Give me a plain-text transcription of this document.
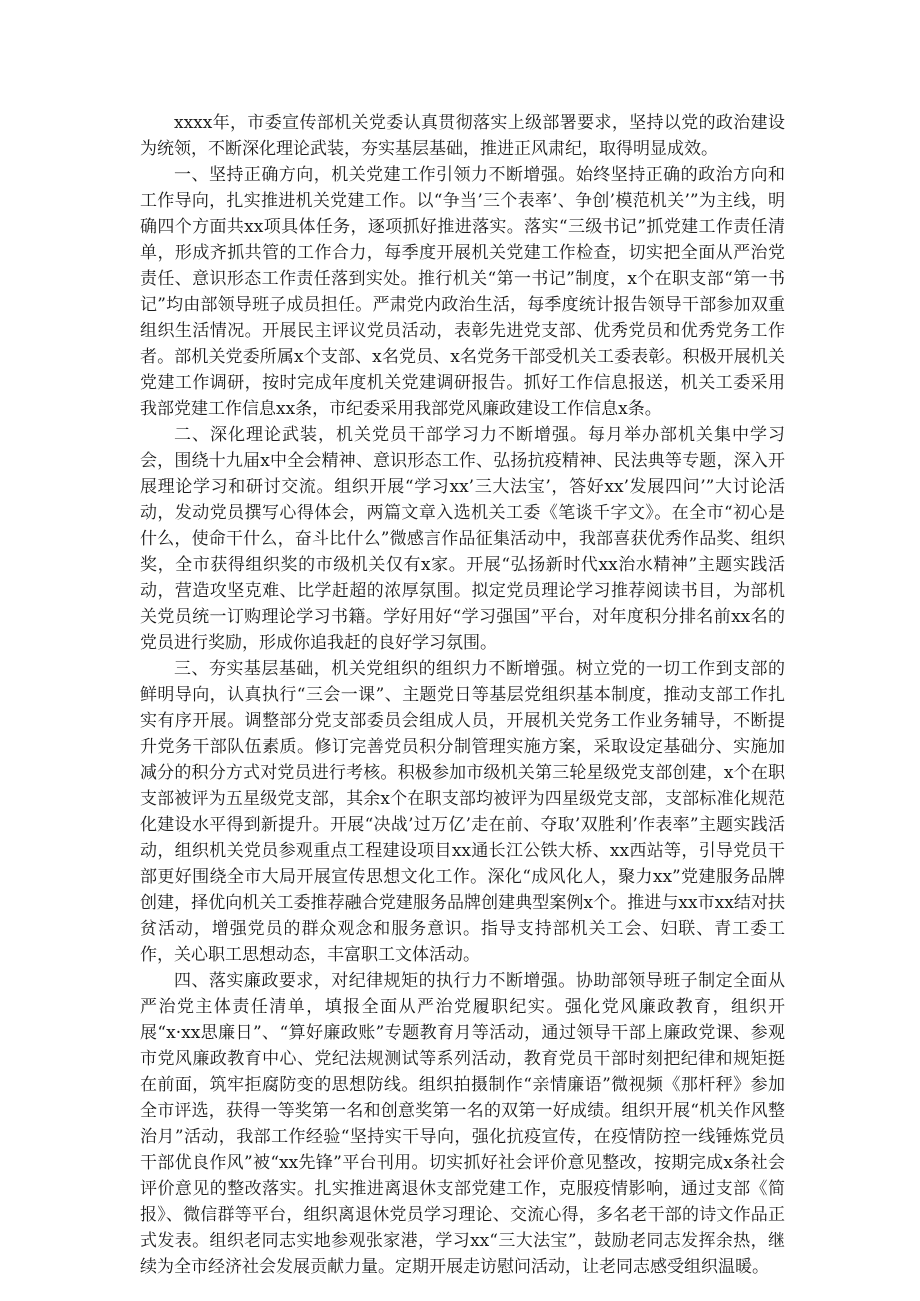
xxxx年，市委宣传部机关党委认真贯彻落实上级部署要求，坚持以党的政治建设为统领，不断深化理论武装，夯实基层基础，推进正风肃纪，取得明显成效。

一、坚持正确方向，机关党建工作引领力不断增强。始终坚持正确的政治方向和工作导向，扎实推进机关党建工作。以“争当’三个表率’、争创’模范机关’”为主线，明确四个方面共xx项具体任务，逐项抓好推进落实。落实“三级书记”抓党建工作责任清单，形成齐抓共管的工作合力，每季度开展机关党建工作检查，切实把全面从严治党责任、意识形态工作责任落到实处。推行机关“第一书记”制度，x个在职支部“第一书记”均由部领导班子成员担任。严肃党内政治生活，每季度统计报告领导干部参加双重组织生活情况。开展民主评议党员活动，表彰先进党支部、优秀党员和优秀党务工作者。部机关党委所属x个支部、x名党员、x名党务干部受机关工委表彰。积极开展机关党建工作调研，按时完成年度机关党建调研报告。抓好工作信息报送，机关工委采用我部党建工作信息xx条，市纪委采用我部党风廉政建设工作信息x条。

二、深化理论武装，机关党员干部学习力不断增强。每月举办部机关集中学习会，围绕十九届x中全会精神、意识形态工作、弘扬抗疫精神、民法典等专题，深入开展理论学习和研讨交流。组织开展“学习xx’三大法宝’，答好xx’发展四问’”大讨论活动，发动党员撰写心得体会，两篇文章入选机关工委《笔谈千字文》。在全市“初心是什么，使命干什么，奋斗比什么”微感言作品征集活动中，我部喜获优秀作品奖、组织奖，全市获得组织奖的市级机关仅有x家。开展“弘扬新时代xx治水精神”主题实践活动，营造攻坚克难、比学赶超的浓厚氛围。拟定党员理论学习推荐阅读书目，为部机关党员统一订购理论学习书籍。学好用好“学习强国”平台，对年度积分排名前xx名的党员进行奖励，形成你追我赶的良好学习氛围。

三、夯实基层基础，机关党组织的组织力不断增强。树立党的一切工作到支部的鲜明导向，认真执行“三会一课”、主题党日等基层党组织基本制度，推动支部工作扎实有序开展。调整部分党支部委员会组成人员，开展机关党务工作业务辅导，不断提升党务干部队伍素质。修订完善党员积分制管理实施方案，采取设定基础分、实施加减分的积分方式对党员进行考核。积极参加市级机关第三轮星级党支部创建，x个在职支部被评为五星级党支部，其余x个在职支部均被评为四星级党支部，支部标准化规范化建设水平得到新提升。开展“决战’过万亿’走在前、夺取’双胜利’作表率”主题实践活动，组织机关党员参观重点工程建设项目xx通长江公铁大桥、xx西站等，引导党员干部更好围绕全市大局开展宣传思想文化工作。深化“成风化人，聚力xx”党建服务品牌创建，择优向机关工委推荐融合党建服务品牌创建典型案例x个。推进与xx市xx结对扶贫活动，增强党员的群众观念和服务意识。指导支持部机关工会、妇联、青工委工作，关心职工思想动态，丰富职工文体活动。

四、落实廉政要求，对纪律规矩的执行力不断增强。协助部领导班子制定全面从严治党主体责任清单，填报全面从严治党履职纪实。强化党风廉政教育，组织开展“x·xx思廉日”、“算好廉政账”专题教育月等活动，通过领导干部上廉政党课、参观市党风廉政教育中心、党纪法规测试等系列活动，教育党员干部时刻把纪律和规矩挺在前面，筑牢拒腐防变的思想防线。组织拍摄制作“亲情廉语”微视频《那杆秤》参加全市评选，获得一等奖第一名和创意奖第一名的双第一好成绩。组织开展“机关作风整治月”活动，我部工作经验“坚持实干导向，强化抗疫宣传，在疫情防控一线锤炼党员干部优良作风”被“xx先锋”平台刊用。切实抓好社会评价意见整改，按期完成x条社会评价意见的整改落实。扎实推进离退休支部党建工作，克服疫情影响，通过支部《简报》、微信群等平台，组织离退休党员学习理论、交流心得，多名老干部的诗文作品正式发表。组织老同志实地参观张家港，学习xx“三大法宝”，鼓励老同志发挥余热，继续为全市经济社会发展贡献力量。定期开展走访慰问活动，让老同志感受组织温暖。
